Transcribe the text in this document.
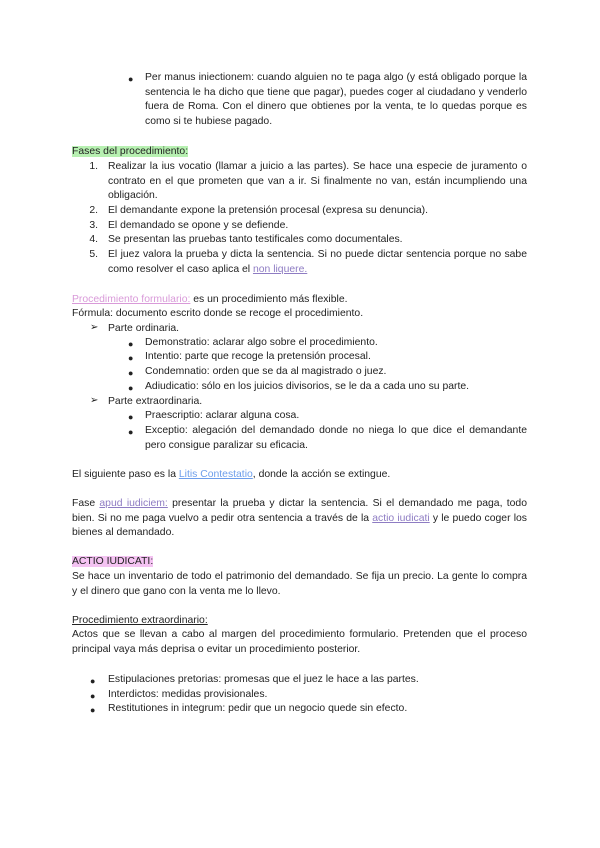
● Per manus iniectionem: cuando alguien no te paga algo (y está obligado porque la sentencia le ha dicho que tiene que pagar), puedes coger al ciudadano y venderlo fuera de Roma. Con el dinero que obtienes por la venta, te lo quedas porque es como si te hubiese pagado.
Fases del procedimiento:
1. Realizar la ius vocatio (llamar a juicio a las partes). Se hace una especie de juramento o contrato en el que prometen que van a ir. Si finalmente no van, están incumpliendo una obligación.
2. El demandante expone la pretensión procesal (expresa su denuncia).
3. El demandado se opone y se defiende.
4. Se presentan las pruebas tanto testificales como documentales.
5. El juez valora la prueba y dicta la sentencia. Si no puede dictar sentencia porque no sabe como resolver el caso aplica el non liquere.
Procedimiento formulario: es un procedimiento más flexible.
Fórmula: documento escrito donde se recoge el procedimiento.
➢ Parte ordinaria.
● Demonstratio: aclarar algo sobre el procedimiento.
● Intentio: parte que recoge la pretensión procesal.
● Condemnatio: orden que se da al magistrado o juez.
● Adiudicatio: sólo en los juicios divisorios, se le da a cada uno su parte.
➢ Parte extraordinaria.
● Praescriptio: aclarar alguna cosa.
● Exceptio: alegación del demandado donde no niega lo que dice el demandante pero consigue paralizar su eficacia.
El siguiente paso es la Litis Contestatio, donde la acción se extingue.
Fase apud iudiciem: presentar la prueba y dictar la sentencia. Si el demandado me paga, todo bien. Si no me paga vuelvo a pedir otra sentencia a través de la actio iudicati y le puedo coger los bienes al demandado.
ACTIO IUDICATI:
Se hace un inventario de todo el patrimonio del demandado. Se fija un precio. La gente lo compra y el dinero que gano con la venta me lo llevo.
Procedimiento extraordinario:
Actos que se llevan a cabo al margen del procedimiento formulario. Pretenden que el proceso principal vaya más deprisa o evitar un procedimiento posterior.
● Estipulaciones pretorias: promesas que el juez le hace a las partes.
● Interdictos: medidas provisionales.
● Restitutiones in integrum: pedir que un negocio quede sin efecto.
